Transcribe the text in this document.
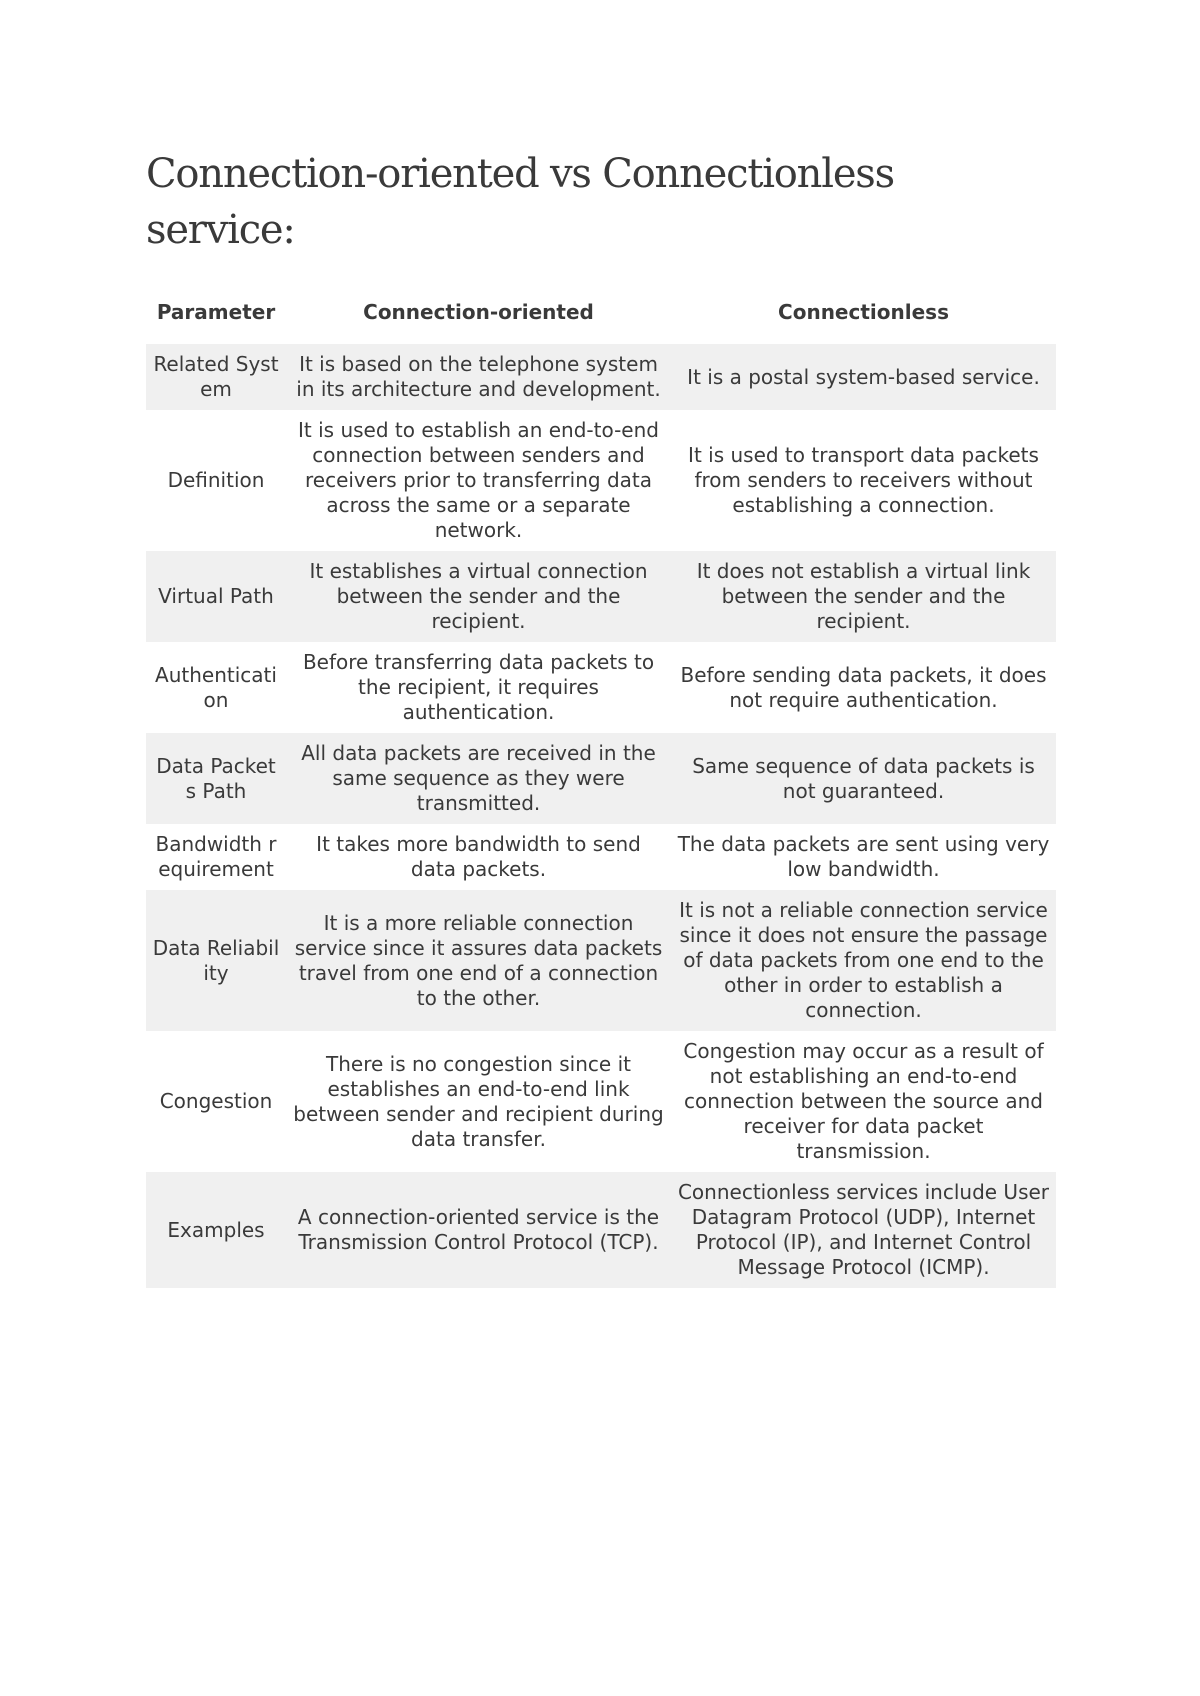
Connection-oriented vs Connectionless service:
Parameter	Connection-oriented	Connectionless
Related System	It is based on the telephone system in its architecture and development.	It is a postal system-based service.
Definition	It is used to establish an end-to-end connection between senders and receivers prior to transferring data across the same or a separate network.	It is used to transport data packets from senders to receivers without establishing a connection.
Virtual Path	It establishes a virtual connection between the sender and the recipient.	It does not establish a virtual link between the sender and the recipient.
Authentication	Before transferring data packets to the recipient, it requires authentication.	Before sending data packets, it does not require authentication.
Data Packets Path	All data packets are received in the same sequence as they were transmitted.	Same sequence of data packets is not guaranteed.
Bandwidth requirement	It takes more bandwidth to send data packets.	The data packets are sent using very low bandwidth.
Data Reliability	It is a more reliable connection service since it assures data packets travel from one end of a connection to the other.	It is not a reliable connection service since it does not ensure the passage of data packets from one end to the other in order to establish a connection.
Congestion	There is no congestion since it establishes an end-to-end link between sender and recipient during data transfer.	Congestion may occur as a result of not establishing an end-to-end connection between the source and receiver for data packet transmission.
Examples	A connection-oriented service is the Transmission Control Protocol (TCP).	Connectionless services include User Datagram Protocol (UDP), Internet Protocol (IP), and Internet Control Message Protocol (ICMP).
